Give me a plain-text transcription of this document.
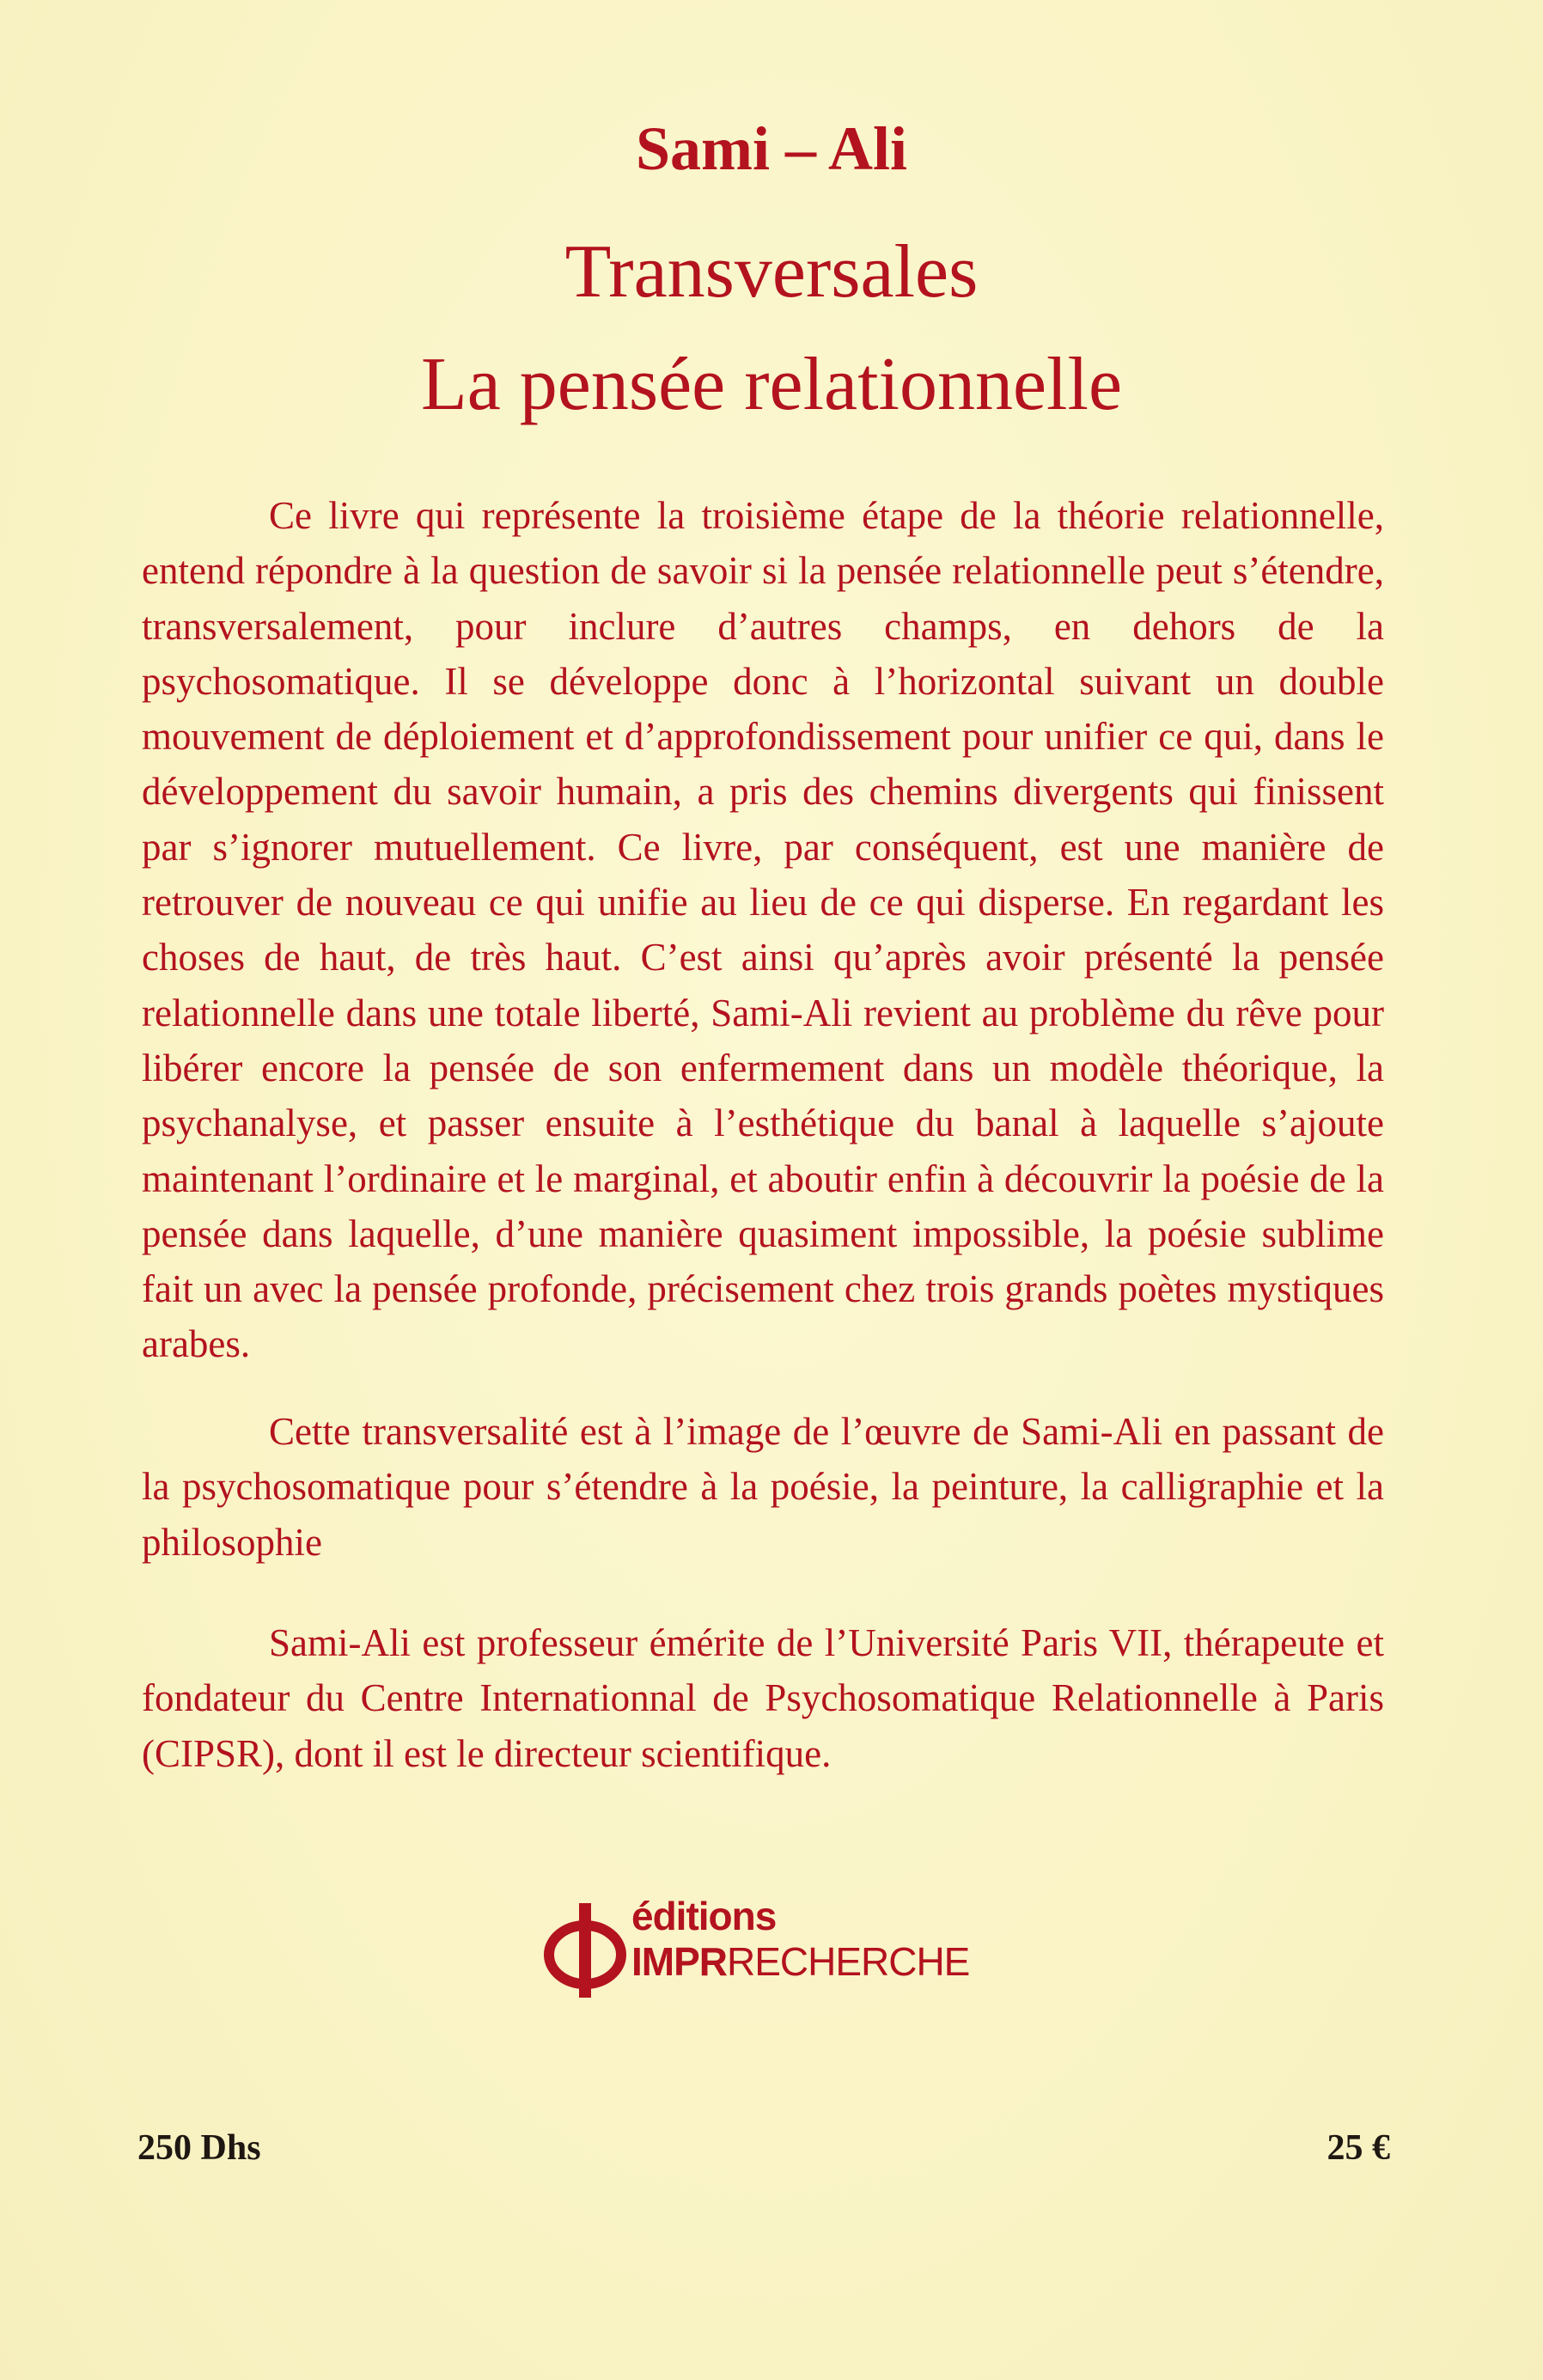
Sami – Ali
Transversales
La pensée relationnelle

Ce livre qui représente la troisième étape de la théorie relationnelle, entend répondre à la question de savoir si la pensée relationnelle peut s’étendre, transversalement, pour inclure d’autres champs, en dehors de la psychosomatique. Il se développe donc à l’horizontal suivant un double mouvement de déploiement et d’approfondissement pour unifier ce qui, dans le développement du savoir humain, a pris des chemins divergents qui finissent par s’ignorer mutuellement. Ce livre, par conséquent, est une manière de retrouver de nouveau ce qui unifie au lieu de ce qui disperse. En regardant les choses de haut, de très haut. C’est ainsi qu’après avoir présenté la pensée relationnelle dans une totale liberté, Sami-Ali revient au problème du rêve pour libérer encore la pensée de son enfermement dans un modèle théorique, la psychanalyse, et passer ensuite à l’esthétique du banal à laquelle s’ajoute maintenant l’ordinaire et le marginal, et aboutir enfin à découvrir la poésie de la pensée dans laquelle, d’une manière quasiment impossible, la poésie sublime fait un avec la pensée profonde, précisement chez trois grands poètes mystiques arabes.

Cette transversalité est à l’image de l’œuvre de Sami-Ali en passant de la psychosomatique pour s’étendre à la poésie, la peinture, la calligraphie et la philosophie

Sami-Ali est professeur émérite de l’Université Paris VII, thérapeute et fondateur du Centre Internationnal de Psychosomatique Relationnelle à Paris (CIPSR), dont il est le directeur scientifique.

éditions
IMPRRECHERCHE
250 Dhs	25 €
